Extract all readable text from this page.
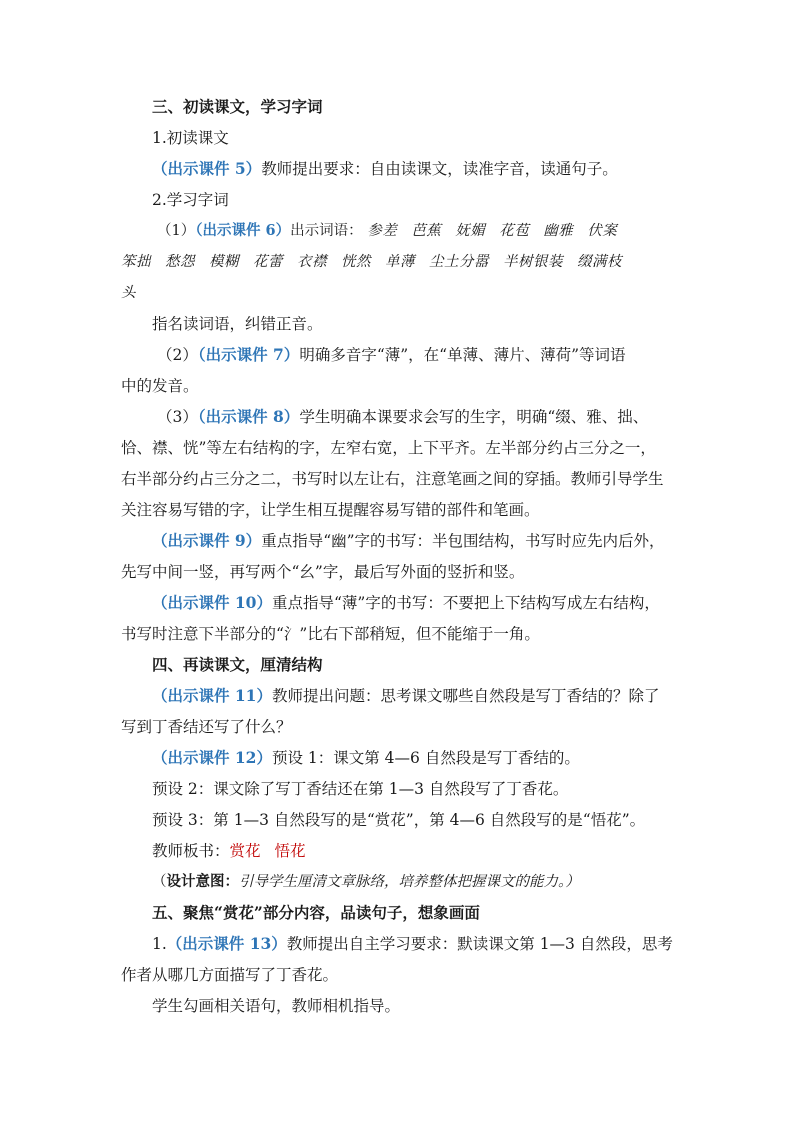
三、初读课文，学习字词
1.初读课文
（出示课件 5）教师提出要求：自由读课文，读准字音，读通句子。
2.学习字词
（1）（出示课件 6）出示词语： 参差 芭蕉 妩媚 花苞 幽雅 伏案
笨拙 愁怨 模糊 花蕾 衣襟 恍然 单薄 尘土分嚣 半树银装 缀满枝
头
指名读词语，纠错正音。
（2）（出示课件 7）明确多音字“薄”，在“单薄、薄片、薄荷”等词语
中的发音。
（3）（出示课件 8）学生明确本课要求会写的生字，明确“缀、雅、拙、
恰、襟、恍”等左右结构的字，左窄右宽，上下平齐。左半部分约占三分之一，
右半部分约占三分之二，书写时以左让右，注意笔画之间的穿插。教师引导学生
关注容易写错的字，让学生相互提醒容易写错的部件和笔画。
（出示课件 9）重点指导“幽”字的书写：半包围结构，书写时应先内后外，
先写中间一竖，再写两个“幺”字，最后写外面的竖折和竖。
（出示课件 10）重点指导“薄”字的书写：不要把上下结构写成左右结构，
书写时注意下半部分的“氵”比右下部稍短，但不能缩于一角。
四、再读课文，厘清结构
（出示课件 11）教师提出问题：思考课文哪些自然段是写丁香结的？除了
写到丁香结还写了什么？
（出示课件 12）预设 1：课文第 4—6 自然段是写丁香结的。
预设 2：课文除了写丁香结还在第 1—3 自然段写了丁香花。
预设 3：第 1—3 自然段写的是“赏花”，第 4—6 自然段写的是“悟花”。
教师板书：赏花 悟花
（设计意图：引导学生厘清文章脉络，培养整体把握课文的能力。）
五、聚焦“赏花”部分内容，品读句子，想象画面
1.（出示课件 13）教师提出自主学习要求：默读课文第 1—3 自然段，思考
作者从哪几方面描写了丁香花。
学生勾画相关语句，教师相机指导。
